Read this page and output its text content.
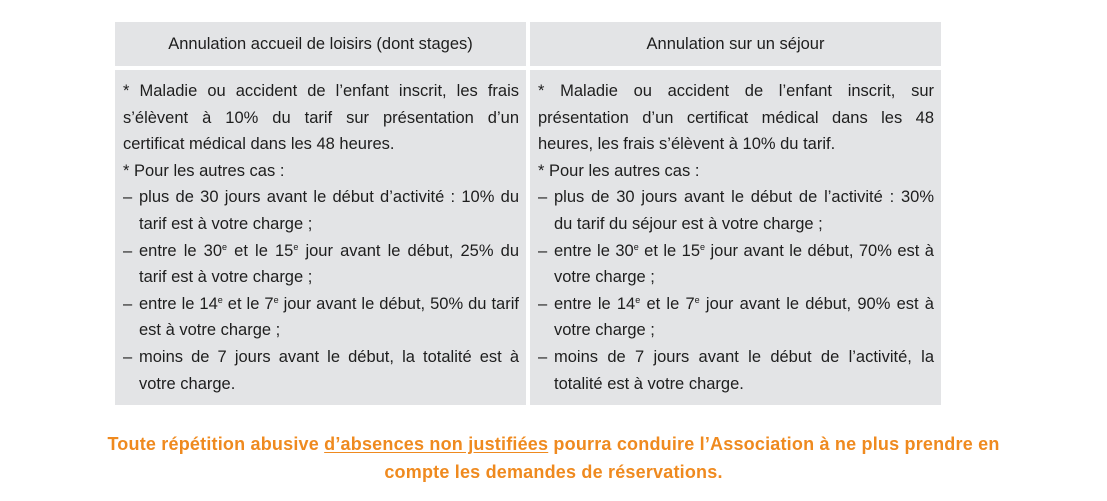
Annulation accueil de loisirs (dont stages)	Annulation sur un séjour
* Maladie ou accident de l’enfant inscrit, les frais s’élèvent à 10% du tarif sur présentation d’un certificat médical dans les 48 heures.
* Pour les autres cas :
– plus de 30 jours avant le début d’activité : 10% du tarif est à votre charge ;
– entre le 30e et le 15e jour avant le début, 25% du tarif est à votre charge ;
– entre le 14e et le 7e jour avant le début, 50% du tarif est à votre charge ;
– moins de 7 jours avant le début, la totalité est à votre charge.
* Maladie ou accident de l’enfant inscrit, sur présentation d’un certificat médical dans les 48 heures, les frais s’élèvent à 10% du tarif.
* Pour les autres cas :
– plus de 30 jours avant le début de l’activité : 30% du tarif du séjour est à votre charge ;
– entre le 30e et le 15e jour avant le début, 70% est à votre charge ;
– entre le 14e et le 7e jour avant le début, 90% est à votre charge ;
– moins de 7 jours avant le début de l’activité, la totalité est à votre charge.
Toute répétition abusive d’absences non justifiées pourra conduire l’Association à ne plus prendre en
compte les demandes de réservations.
